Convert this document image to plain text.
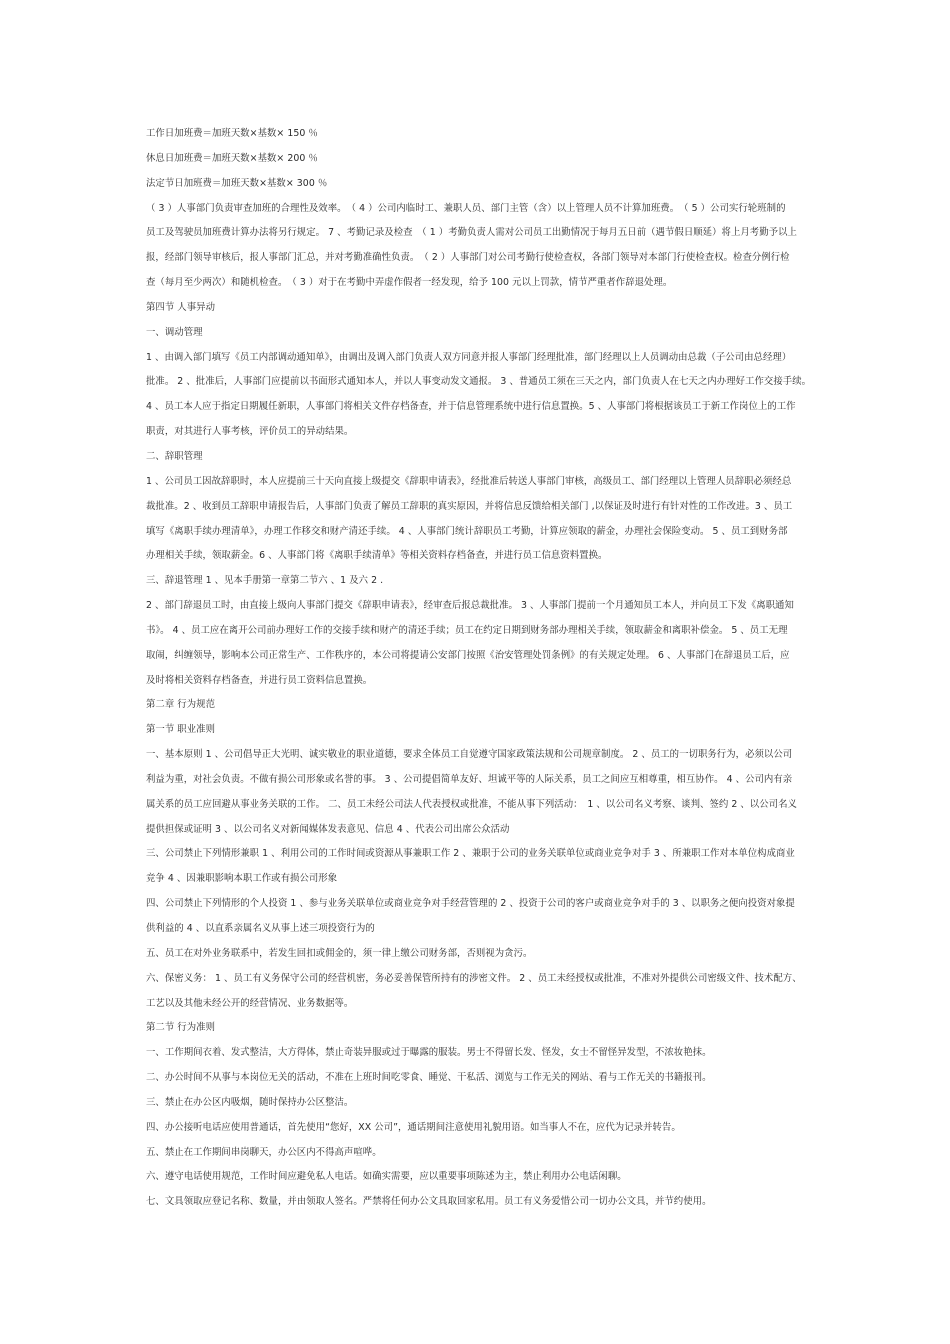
工作日加班费＝加班天数×基数× 150 ％
休息日加班费＝加班天数×基数× 200 ％
法定节日加班费＝加班天数×基数× 300 ％
（ 3 ）人事部门负责审查加班的合理性及效率。　（ 4 ）公司内临时工、兼职人员、部门主管（含）以上管理人员不计算加班费。　（ 5 ）公司实行轮班制的
员工及驾驶员加班费计算办法将另行规定。 7 、考勤记录及检查　（ 1 ）考勤负责人需对公司员工出勤情况于每月五日前（遇节假日顺延）将上月考勤予以上
报，经部门领导审核后，报人事部门汇总，并对考勤准确性负责。　（ 2 ）人事部门对公司考勤行使检查权，各部门领导对本部门行使检查权。检查分例行检
查（每月至少两次）和随机检查。　（ 3 ）对于在考勤中弄虚作假者一经发现，给予 100 元以上罚款，情节严重者作辞退处理。
第四节 人事异动
一、调动管理
1 、由调入部门填写《员工内部调动通知单》，由调出及调入部门负责人双方同意并报人事部门经理批准，部门经理以上人员调动由总裁（子公司由总经理）
批准。 2 、批准后，人事部门应提前以书面形式通知本人，并以人事变动发文通报。 3 、普通员工须在三天之内，部门负责人在七天之内办理好工作交接手续。
4 、员工本人应于指定日期履任新职，人事部门将相关文件存档备查，并于信息管理系统中进行信息置换。5 、人事部门将根据该员工于新工作岗位上的工作
职责，对其进行人事考核，评价员工的异动结果。
二、辞职管理
1 、公司员工因故辞职时，本人应提前三十天向直接上级提交《辞职申请表》，经批准后转送人事部门审核，高级员工、部门经理以上管理人员辞职必须经总
裁批准。2 、收到员工辞职申请报告后，人事部门负责了解员工辞职的真实原因，并将信息反馈给相关部门 ,以保证及时进行有针对性的工作改进。3 、员工
填写《离职手续办理清单》，办理工作移交和财产清还手续。 4 、人事部门统计辞职员工考勤，计算应领取的薪金，办理社会保险变动。 5 、员工到财务部
办理相关手续，领取薪金。6 、人事部门将《离职手续清单》等相关资料存档备查，并进行员工信息资料置换。
三、辞退管理 1 、见本手册第一章第二节六 、1 及六 2 .
2 、部门辞退员工时，由直接上级向人事部门提交《辞职申请表》，经审查后报总裁批准。 3 、人事部门提前一个月通知员工本人，并向员工下发《离职通知
书》。 4 、员工应在离开公司前办理好工作的交接手续和财产的清还手续；员工在约定日期到财务部办理相关手续，领取薪金和离职补偿金。 5 、员工无理
取闹，纠缠领导，影响本公司正常生产、工作秩序的，本公司将提请公安部门按照《治安管理处罚条例》的有关规定处理。 6 、人事部门在辞退员工后，应
及时将相关资料存档备查，并进行员工资料信息置换。
第二章 行为规范
第一节 职业准则
一、基本原则 1 、公司倡导正大光明、诚实敬业的职业道德，要求全体员工自觉遵守国家政策法规和公司规章制度。 2 、员工的一切职务行为，必须以公司
利益为重，对社会负责。不做有损公司形象或名誉的事。 3 、公司提倡简单友好、坦诚平等的人际关系，员工之间应互相尊重，相互协作。 4 、公司内有亲
属关系的员工应回避从事业务关联的工作。 二、员工未经公司法人代表授权或批准，不能从事下列活动：　1 、以公司名义考察、谈判、签约 2 、以公司名义
提供担保或证明 3 、以公司名义对新闻媒体发表意见、信息 4 、代表公司出席公众活动
三、公司禁止下列情形兼职 1 、利用公司的工作时间或资源从事兼职工作 2 、兼职于公司的业务关联单位或商业竞争对手 3 、所兼职工作对本单位构成商业
竞争 4 、因兼职影响本职工作或有损公司形象
四、公司禁止下列情形的个人投资 1 、参与业务关联单位或商业竞争对手经营管理的 2 、投资于公司的客户或商业竞争对手的 3 、以职务之便向投资对象提
供利益的 4 、以直系亲属名义从事上述三项投资行为的
五、员工在对外业务联系中，若发生回扣或佣金的，须一律上缴公司财务部，否则视为贪污。
六、保密义务： 1 、员工有义务保守公司的经营机密，务必妥善保管所持有的涉密文件。 2 、员工未经授权或批准，不准对外提供公司密级文件、技术配方、
工艺以及其他未经公开的经营情况、业务数据等。
第二节 行为准则
一、工作期间衣着、发式整洁，大方得体，禁止奇装异服或过于曝露的服装。男士不得留长发、怪发，女士不留怪异发型，不浓妆艳抹。
二、办公时间不从事与本岗位无关的活动，不准在上班时间吃零食、睡觉、干私活、浏览与工作无关的网站、看与工作无关的书籍报刊。
三、禁止在办公区内吸烟，随时保持办公区整洁。
四、办公接听电话应使用普通话，首先使用“您好，XX 公司”，通话期间注意使用礼貌用语。如当事人不在，应代为记录并转告。
五、禁止在工作期间串岗聊天，办公区内不得高声喧哗。
六、遵守电话使用规范，工作时间应避免私人电话。如确实需要，应以重要事项陈述为主，禁止利用办公电话闲聊。
七、文具领取应登记名称、数量，并由领取人签名。严禁将任何办公文具取回家私用。员工有义务爱惜公司一切办公文具，并节约使用。
